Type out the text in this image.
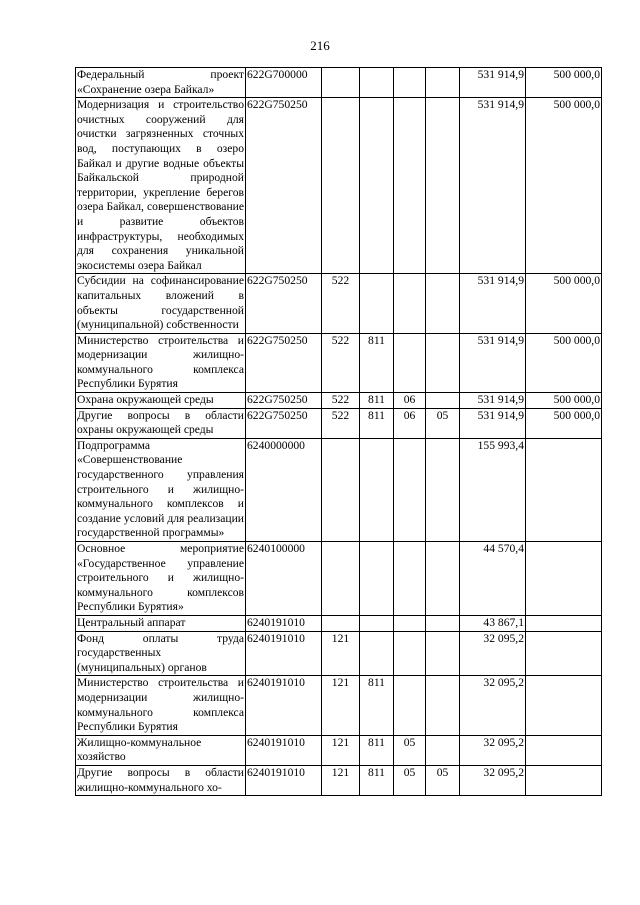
216
Федеральный проект «Сохранение озера Байкал»	622G700000					531 914,9	500 000,0
Модернизация и строительство очистных сооружений для очистки загрязненных сточных вод, поступающих в озеро Байкал и другие водные объекты Байкальской природной территории, укрепление берегов озера Байкал, совершенствование и развитие объектов инфраструктуры, необходимых для сохранения уникальной экосистемы озера Байкал	622G750250					531 914,9	500 000,0
Субсидии на софинансирование капитальных вложений в объекты государственной (муниципальной) собственности	622G750250	522				531 914,9	500 000,0
Министерство строительства и модернизации жилищно-коммунального комплекса Республики Бурятия	622G750250	522	811			531 914,9	500 000,0
Охрана окружающей среды	622G750250	522	811	06		531 914,9	500 000,0
Другие вопросы в области охраны окружающей среды	622G750250	522	811	06	05	531 914,9	500 000,0
Подпрограмма «Совершенствование государственного управления строительного и жилищно-коммунального комплексов и создание условий для реализации государственной программы»	6240000000					155 993,4	
Основное мероприятие «Государственное управление строительного и жилищно-коммунального комплексов Республики Бурятия»	6240100000					44 570,4	
Центральный аппарат	6240191010					43 867,1	
Фонд оплаты труда государственных (муниципальных) органов	6240191010	121				32 095,2	
Министерство строительства и модернизации жилищно-коммунального комплекса Республики Бурятия	6240191010	121	811			32 095,2	
Жилищно-коммунальное хозяйство	6240191010	121	811	05		32 095,2	
Другие вопросы в области жилищно-коммунального хо-	6240191010	121	811	05	05	32 095,2	
